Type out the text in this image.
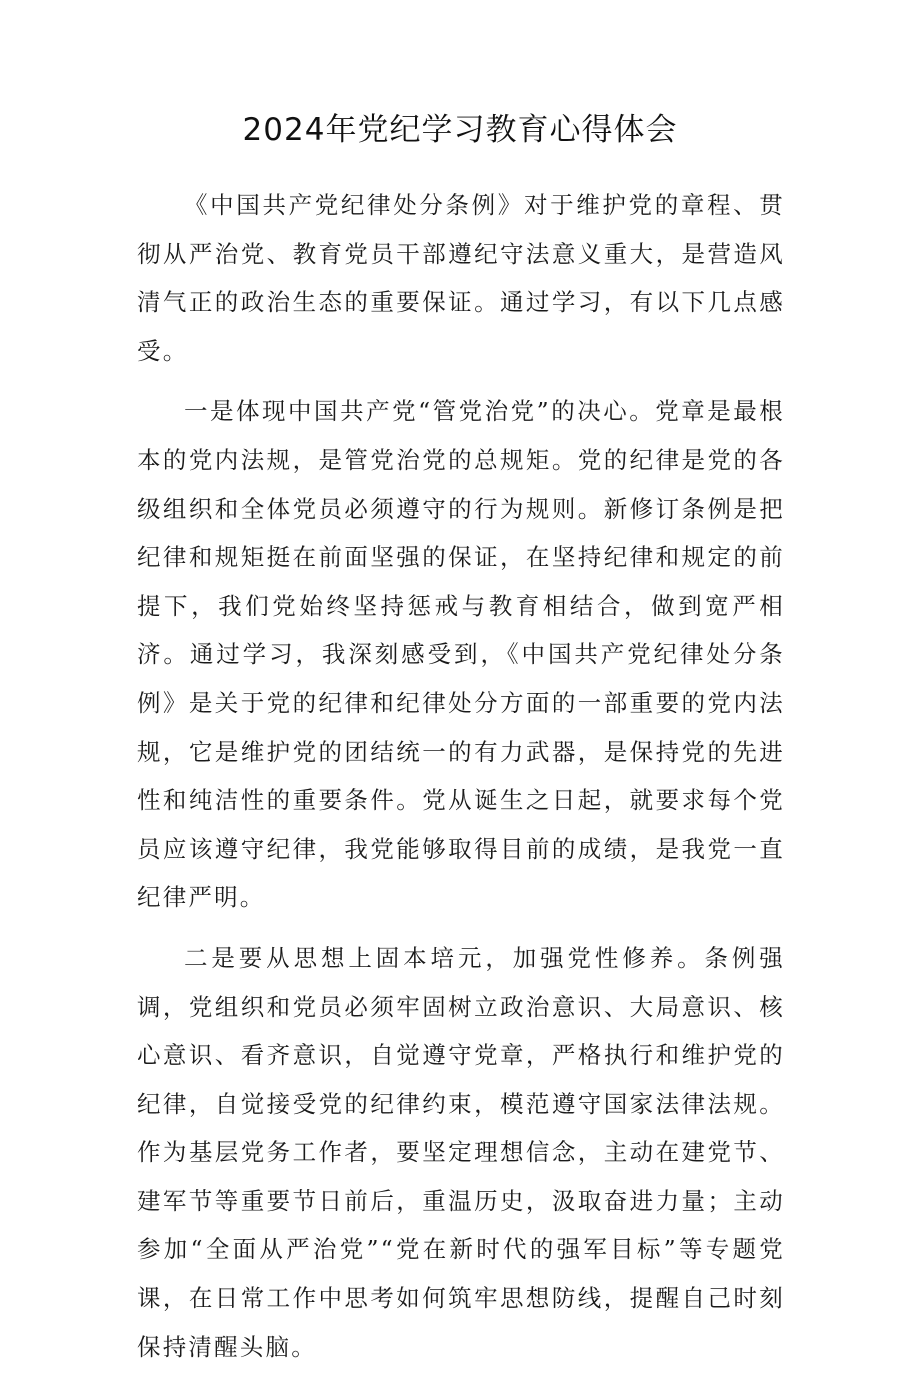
2024年党纪学习教育心得体会

《中国共产党纪律处分条例》对于维护党的章程、贯彻从严治党、教育党员干部遵纪守法意义重大，是营造风清气正的政治生态的重要保证。通过学习，有以下几点感受。

一是体现中国共产党“管党治党”的决心。党章是最根本的党内法规，是管党治党的总规矩。党的纪律是党的各级组织和全体党员必须遵守的行为规则。新修订条例是把纪律和规矩挺在前面坚强的保证，在坚持纪律和规定的前提下，我们党始终坚持惩戒与教育相结合，做到宽严相济。通过学习，我深刻感受到，《中国共产党纪律处分条例》是关于党的纪律和纪律处分方面的一部重要的党内法规，它是维护党的团结统一的有力武器，是保持党的先进性和纯洁性的重要条件。党从诞生之日起，就要求每个党员应该遵守纪律，我党能够取得目前的成绩，是我党一直纪律严明。

二是要从思想上固本培元，加强党性修养。条例强调，党组织和党员必须牢固树立政治意识、大局意识、核心意识、看齐意识，自觉遵守党章，严格执行和维护党的纪律，自觉接受党的纪律约束，模范遵守国家法律法规。作为基层党务工作者，要坚定理想信念，主动在建党节、建军节等重要节日前后，重温历史，汲取奋进力量；主动参加“全面从严治党”“党在新时代的强军目标”等专题党课，在日常工作中思考如何筑牢思想防线，提醒自己时刻保持清醒头脑。
